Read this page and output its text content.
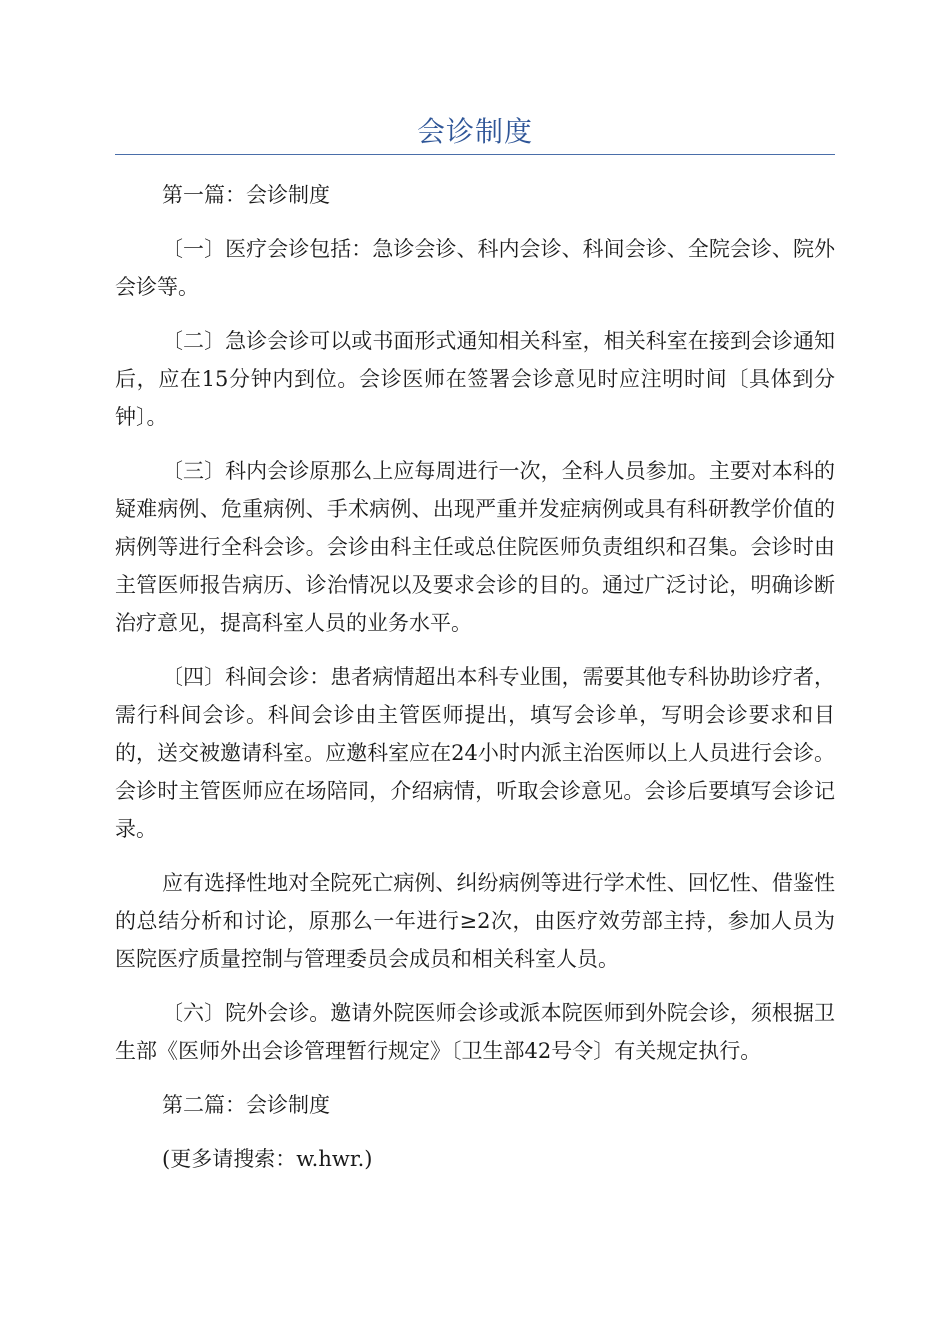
会诊制度

第一篇：会诊制度

〔一〕医疗会诊包括：急诊会诊、科内会诊、科间会诊、全院会诊、院外会诊等。

〔二〕急诊会诊可以或书面形式通知相关科室，相关科室在接到会诊通知后，应在15分钟内到位。会诊医师在签署会诊意见时应注明时间〔具体到分钟〕。

〔三〕科内会诊原那么上应每周进行一次，全科人员参加。主要对本科的疑难病例、危重病例、手术病例、出现严重并发症病例或具有科研教学价值的病例等进行全科会诊。会诊由科主任或总住院医师负责组织和召集。会诊时由主管医师报告病历、诊治情况以及要求会诊的目的。通过广泛讨论，明确诊断治疗意见，提高科室人员的业务水平。

〔四〕科间会诊：患者病情超出本科专业围，需要其他专科协助诊疗者，需行科间会诊。科间会诊由主管医师提出，填写会诊单，写明会诊要求和目的，送交被邀请科室。应邀科室应在24小时内派主治医师以上人员进行会诊。会诊时主管医师应在场陪同，介绍病情，听取会诊意见。会诊后要填写会诊记录。

应有选择性地对全院死亡病例、纠纷病例等进行学术性、回忆性、借鉴性的总结分析和讨论，原那么一年进行≥2次，由医疗效劳部主持，参加人员为医院医疗质量控制与管理委员会成员和相关科室人员。

〔六〕院外会诊。邀请外院医师会诊或派本院医师到外院会诊，须根据卫生部《医师外出会诊管理暂行规定》〔卫生部42号令〕有关规定执行。

第二篇：会诊制度

(更多请搜索：w.hwr.)
